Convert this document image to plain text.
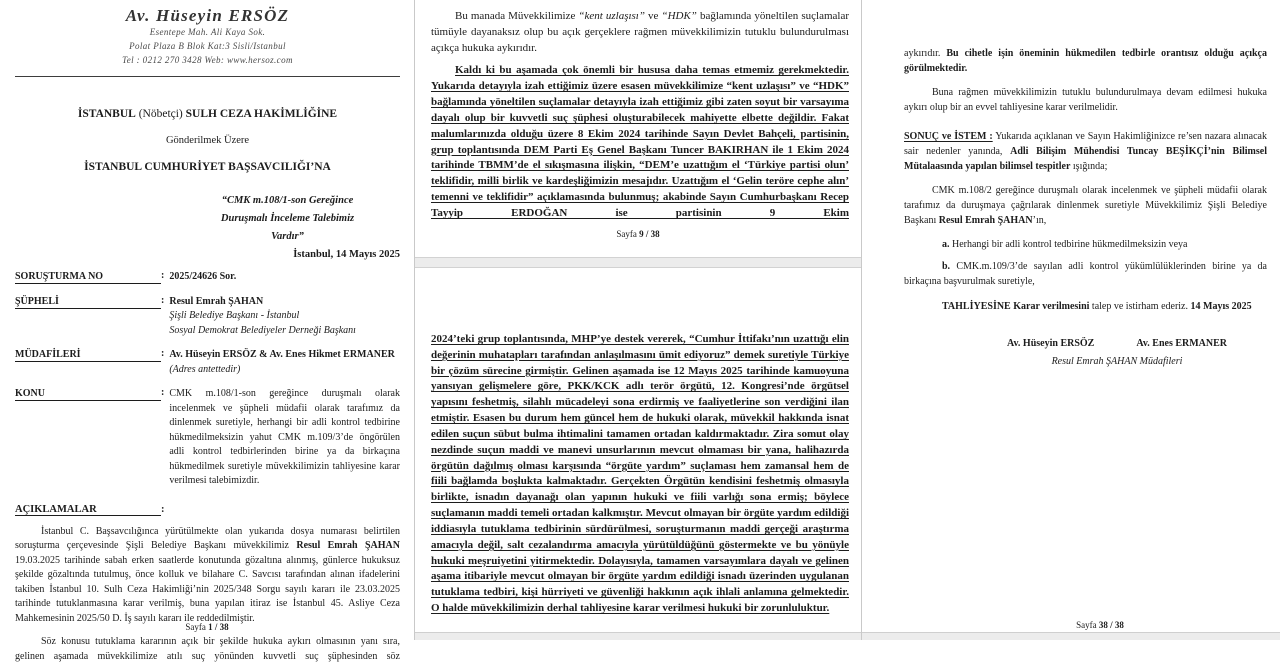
Av. Hüseyin ERSÖZ
Esentepe Mah. Ali Kaya Sok.
Polat Plaza B Blok Kat:3 Sisli/Istanbul
Tel : 0212 270 3428 Web: www.hersoz.com
İSTANBUL (Nöbetçi) SULH CEZA HAKİMLİĞİNE
Gönderilmek Üzere
İSTANBUL CUMHURİYET BAŞSAVCILIĞI’NA
“CMK m.108/1-son Gereğince
Duruşmalı İnceleme Talebimiz
Vardır”
İstanbul, 14 Mayıs 2025
SORUŞTURMA NO	: 2025/24626 Sor.
ŞÜPHELİ	: Resul Emrah ŞAHAN
Şişli Belediye Başkanı - İstanbul
Sosyal Demokrat Belediyeler Derneği Başkanı
MÜDAFİLERİ	: Av. Hüseyin ERSÖZ & Av. Enes Hikmet ERMANER
(Adres antettedir)
KONU	: CMK m.108/1-son gereğince duruşmalı olarak incelenmek ve şüpheli müdafii olarak tarafımız da dinlenmek suretiyle, herhangi bir adli kontrol tedbirine hükmedilmeksizin yahut CMK m.109/3’de öngörülen adli kontrol tedbirlerinden birine ya da birkaçına hükmedilmek suretiyle müvekkilimizin tahliyesine karar verilmesi talebimizdir.
AÇIKLAMALAR	:

İstanbul C. Başsavcılığınca yürütülmekte olan yukarıda dosya numarası belirtilen soruşturma çerçevesinde Şişli Belediye Başkanı müvekkilimiz Resul Emrah ŞAHAN 19.03.2025 tarihinde sabah erken saatlerde konutunda gözaltına alınmış, günlerce hukuksuz şekilde gözaltında tutulmuş, önce kolluk ve bilahare C. Savcısı tarafından alınan ifadelerini takiben İstanbul 10. Sulh Ceza Hakimliği’nin 2025/348 Sorgu sayılı kararı ile 23.03.2025 tarihinde tutuklanmasına karar verilmiş, buna yapılan itiraz ise İstanbul 45. Asliye Ceza Mahkemesinin 2025/50 D. İş sayılı kararı ile reddedilmiştir.

Söz konusu tutuklama kararının açık bir şekilde hukuka aykırı olmasının yanı sıra, gelinen aşamada müvekkilimize atılı suç yönünden kuvvetli suç şüphesinden söz

Sayfa 1 / 38

Bu manada Müvekkilimize “kent uzlaşısı” ve “HDK” bağlamında yöneltilen suçlamalar tümüyle dayanaksız olup bu açık gerçeklere rağmen müvekkilimizin tutuklu bulundurulması açıkça hukuka aykırıdır.

Kaldı ki bu aşamada çok önemli bir hususa daha temas etmemiz gerekmektedir. Yukarıda detayıyla izah ettiğimiz üzere esasen müvekkilimize “kent uzlaşısı” ve “HDK” bağlamında yöneltilen suçlamalar detayıyla izah ettiğimiz gibi zaten soyut bir varsayıma dayalı olup bir kuvvetli suç şüphesi oluşturabilecek mahiyette elbette değildir. Fakat malumlarınızda olduğu üzere 8 Ekim 2024 tarihinde Sayın Devlet Bahçeli, partisinin, grup toplantısında DEM Parti Eş Genel Başkanı Tuncer BAKIRHAN ile 1 Ekim 2024 tarihinde TBMM’de el sıkışmasına ilişkin, “DEM’e uzattığım el ‘Türkiye partisi olun’ teklifidir, milli birlik ve kardeşliğimizin mesajıdır. Uzattığım el ‘Gelin teröre cephe alın’ temenni ve teklifidir” açıklamasında bulunmuş; akabinde Sayın Cumhurbaşkanı Recep Tayyip ERDOĞAN ise partisinin 9 Ekim

Sayfa 9 / 38

2024’teki grup toplantısında, MHP’ye destek vererek, “Cumhur İttifakı’nın uzattığı elin değerinin muhatapları tarafından anlaşılmasını ümit ediyoruz” demek suretiyle Türkiye bir çözüm sürecine girmiştir. Gelinen aşamada ise 12 Mayıs 2025 tarihinde kamuoyuna yansıyan gelişmelere göre, PKK/KCK adlı terör örgütü, 12. Kongresi’nde örgütsel yapısını feshetmiş, silahlı mücadeleyi sona erdirmiş ve faaliyetlerine son verdiğini ilan etmiştir. Esasen bu durum hem güncel hem de hukuki olarak, müvekkil hakkında isnat edilen suçun sübut bulma ihtimalini tamamen ortadan kaldırmaktadır. Zira somut olay nezdinde suçun maddi ve manevi unsurlarının mevcut olmaması bir yana, halihazırda örgütün dağılmış olması karşısında “örgüte yardım” suçlaması hem zamansal hem de fiili bağlamda boşlukta kalmaktadır. Gerçekten Örgütün kendisini feshetmiş olmasıyla birlikte, isnadın dayanağı olan yapının hukuki ve fiili varlığı sona ermiş; böylece suçlamanın maddi temeli ortadan kalkmıştır. Mevcut olmayan bir örgüte yardım edildiği iddiasıyla tutuklama tedbirinin sürdürülmesi, soruşturmanın maddi gerçeği araştırma amacıyla değil, salt cezalandırma amacıyla yürütüldüğünü göstermekte ve bu yönüyle hukuki meşruiyetini yitirmektedir. Dolayısıyla, tamamen varsayımlara dayalı ve gelinen aşama itibariyle mevcut olmayan bir örgüte yardım edildiği isnadı üzerinden uygulanan tutuklama tedbiri, kişi hürriyeti ve güvenliği hakkının açık ihlali anlamına gelmektedir. O halde müvekkilimizin derhal tahliyesine karar verilmesi hukuki bir zorunluluktur.

aykırıdır. Bu cihetle işin öneminin hükmedilen tedbirle orantısız olduğu açıkça görülmektedir.

Buna rağmen müvekkilimizin tutuklu bulundurulmaya devam edilmesi hukuka aykırı olup bir an evvel tahliyesine karar verilmelidir.

SONUÇ ve İSTEM : Yukarıda açıklanan ve Sayın Hakimliğinizce re’sen nazara alınacak sair nedenler yanında, Adli Bilişim Mühendisi Tuncay BEŞİKÇİ’nin Bilimsel Mütalaasında yapılan bilimsel tespitler ışığında;

CMK m.108/2 gereğince duruşmalı olarak incelenmek ve şüpheli müdafii olarak tarafımız da duruşmaya çağrılarak dinlenmek suretiyle Müvekkilimiz Şişli Belediye Başkanı Resul Emrah ŞAHAN’ın,

a. Herhangi bir adli kontrol tedbirine hükmedilmeksizin veya

b. CMK.m.109/3’de sayılan adli kontrol yükümlülüklerinden birine ya da birkaçına başvurulmak suretiyle,

TAHLİYESİNE Karar verilmesini talep ve istirham ederiz. 14 Mayıs 2025

Av. Hüseyin ERSÖZ	Av. Enes ERMANER
Resul Emrah ŞAHAN Müdafileri
Sayfa 38 / 38
